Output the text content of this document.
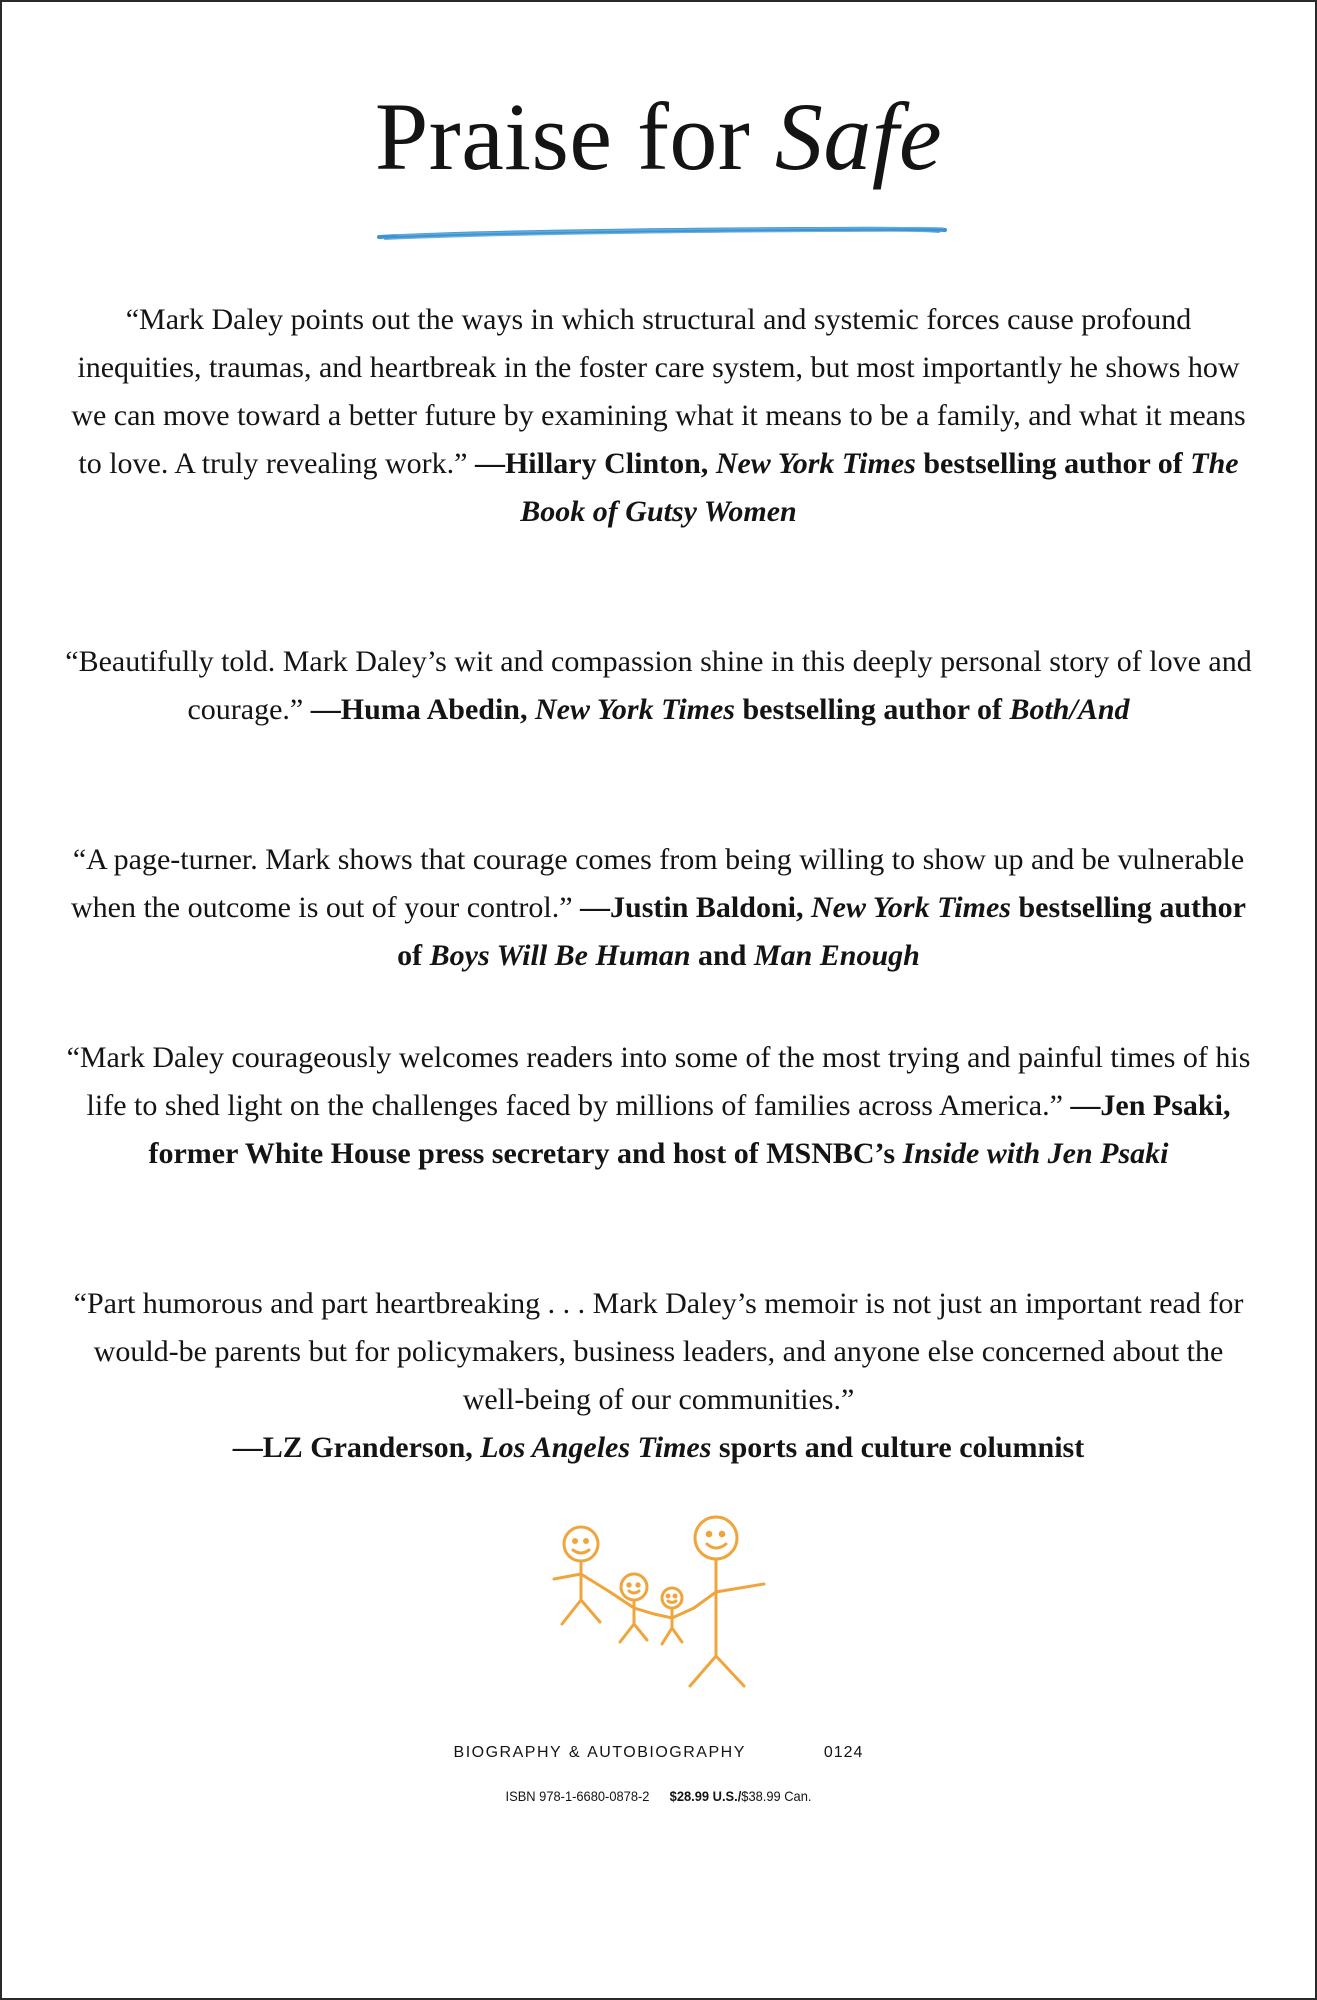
Praise for Safe

“Mark Daley points out the ways in which structural and systemic forces cause profound inequities, traumas, and heartbreak in the foster care system, but most importantly he shows how we can move toward a better future by examining what it means to be a family, and what it means to love. A truly revealing work.” —Hillary Clinton, New York Times bestselling author of The Book of Gutsy Women

“Beautifully told. Mark Daley’s wit and compassion shine in this deeply personal story of love and courage.” —Huma Abedin, New York Times bestselling author of Both/And

“A page-turner. Mark shows that courage comes from being willing to show up and be vulnerable when the outcome is out of your control.” —Justin Baldoni, New York Times bestselling author of Boys Will Be Human and Man Enough

“Mark Daley courageously welcomes readers into some of the most trying and painful times of his life to shed light on the challenges faced by millions of families across America.” —Jen Psaki, former White House press secretary and host of MSNBC’s Inside with Jen Psaki

“Part humorous and part heartbreaking . . . Mark Daley’s memoir is not just an important read for would-be parents but for policymakers, business leaders, and anyone else concerned about the well-being of our communities.”
—LZ Granderson, Los Angeles Times sports and culture columnist

BIOGRAPHY & AUTOBIOGRAPHY	0124
ISBN 978-1-6680-0878-2 $28.99 U.S./$38.99 Can.
